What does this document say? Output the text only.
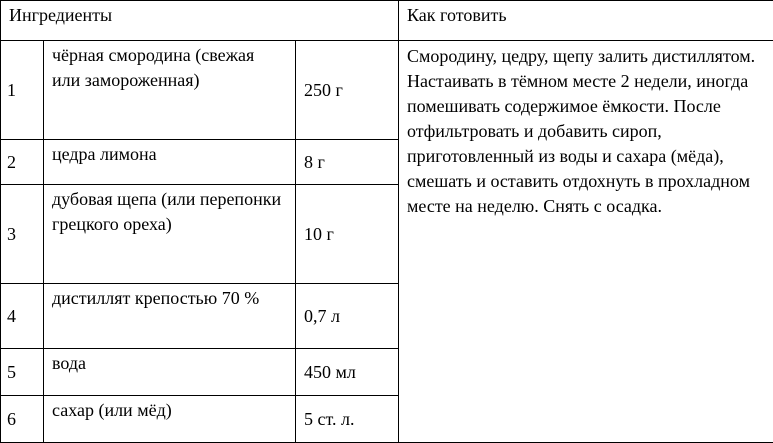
Ингредиенты			Как готовить
1	чёрная смородина (свежая или замороженная)	250 г	Смородину, цедру, щепу залить дистиллятом. Настаивать в тёмном месте 2 недели, иногда помешивать содержимое ёмкости. После отфильтровать и добавить сироп, приготовленный из воды и сахара (мёда), смешать и оставить отдохнуть в прохладном месте на неделю. Снять с осадка.
2	цедра лимона	8 г	
3	дубовая щепа (или перепонки грецкого ореха)	10 г	
4	дистиллят крепостью 70 %	0,7 л	
5	вода	450 мл	
6	сахар (или мёд)	5 ст. л.	
